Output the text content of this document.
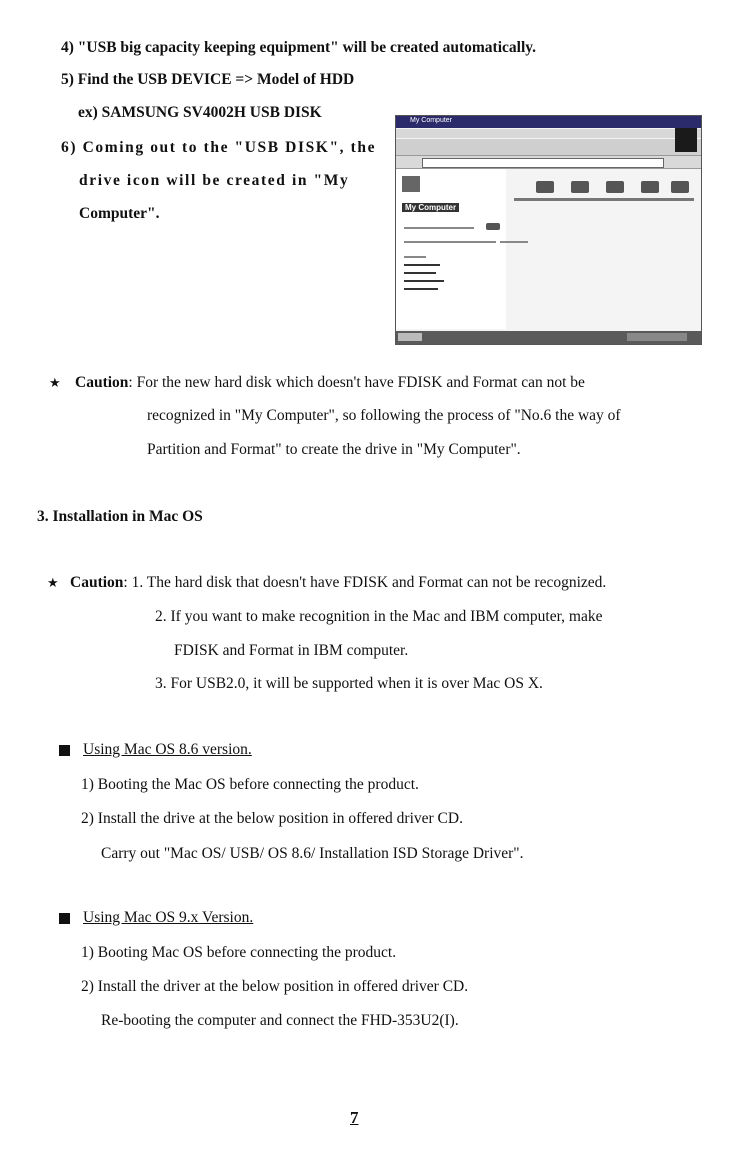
4) "USB big capacity keeping equipment" will be created automatically.
5) Find the USB DEVICE => Model of HDD
ex) SAMSUNG SV4002H USB DISK
6) Coming out to the "USB DISK", the
drive icon will be created in "My
Computer".
My Computer
My Computer
★ Caution: For the new hard disk which doesn't have FDISK and Format can not be
recognized in "My Computer", so following the process of "No.6 the way of
Partition and Format" to create the drive in "My Computer".
3. Installation in Mac OS
★ Caution: 1. The hard disk that doesn't have FDISK and Format can not be recognized.
2. If you want to make recognition in the Mac and IBM computer, make
FDISK and Format in IBM computer.
3. For USB2.0, it will be supported when it is over Mac OS X.
Using Mac OS 8.6 version.
1) Booting the Mac OS before connecting the product.
2) Install the drive at the below position in offered driver CD.
Carry out "Mac OS/ USB/ OS 8.6/ Installation ISD Storage Driver".
Using Mac OS 9.x Version.
1) Booting Mac OS before connecting the product.
2) Install the driver at the below position in offered driver CD.
Re-booting the computer and connect the FHD-353U2(I).
7
